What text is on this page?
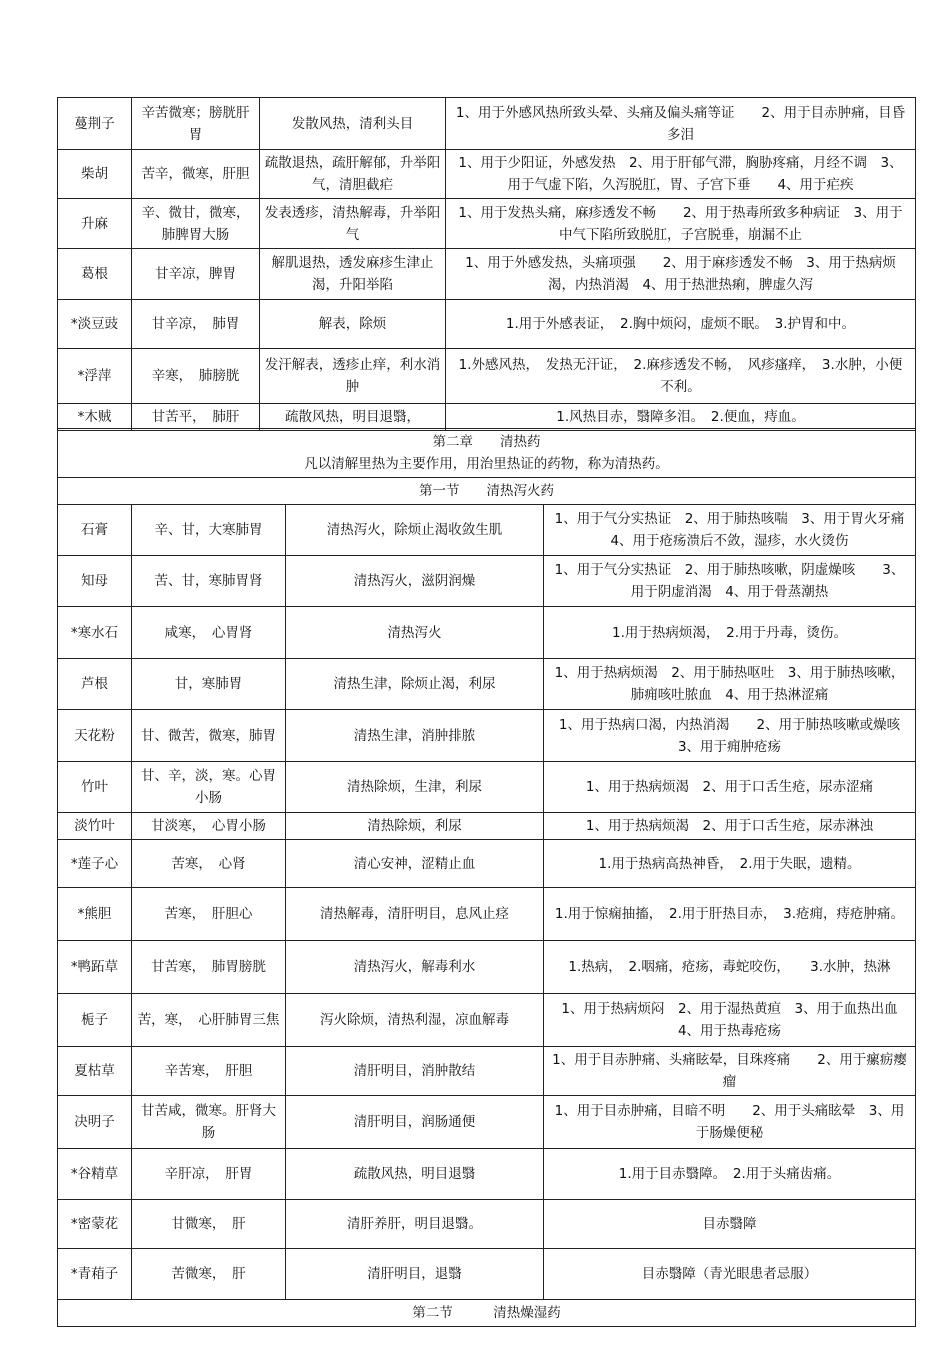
蔓荆子	辛苦微寒；膀胱肝胃	发散风热，清利头目	1、用于外感风热所致头晕、头痛及偏头痛等证　　2、用于目赤肿痛，目昏多泪
柴胡	苦辛，微寒，肝胆	疏散退热，疏肝解郁，升举阳气，清胆截疟	1、用于少阳证，外感发热　2、用于肝郁气滞，胸胁疼痛，月经不调　3、用于气虚下陷，久泻脱肛，胃、子宫下垂　　4、用于疟疾
升麻	辛、微甘，微寒，肺脾胃大肠	发表透疹，清热解毒，升举阳气	1、用于发热头痛，麻疹透发不畅　　2、用于热毒所致多种病证　3、用于中气下陷所致脱肛，子宫脱垂，崩漏不止
葛根	甘辛凉，脾胃	解肌退热，透发麻疹生津止渴，升阳举陷	1、用于外感发热，头痛项强　　2、用于麻疹透发不畅　3、用于热病烦渴，内热消渴　4、用于热泄热痢，脾虚久泻
*淡豆豉	甘辛凉，　肺胃	解表，除烦	1.用于外感表证，　2.胸中烦闷，虚烦不眠。　3.护胃和中。
*浮萍	辛寒，　肺膀胱	发汗解表，透疹止痒，利水消肿	1.外感风热，　发热无汗证，　2.麻疹透发不畅，　风疹瘙痒，　3.水肿，小便不利。
*木贼	甘苦平，　肺肝	疏散风热，明目退翳，	1.风热目赤，翳障多泪。　2.便血，痔血。
第二章　　清热药
凡以清解里热为主要作用，用治里热证的药物，称为清热药。			

第一节　　清热泻火药			
石膏	辛、甘，大寒肺胃	清热泻火，除烦止渴收敛生肌	1、用于气分实热证　2、用于肺热咳喘　3、用于胃火牙痛　4、用于疮疡溃后不敛，湿疹，水火烫伤
知母	苦、甘，寒肺胃肾	清热泻火，滋阴润燥	1、用于气分实热证　2、用于肺热咳嗽，阴虚燥咳　　3、用于阴虚消渴　4、用于骨蒸潮热
*寒水石	咸寒，　心胃肾	清热泻火	1.用于热病烦渴，　2.用于丹毒，烫伤。
芦根	甘，寒肺胃	清热生津，除烦止渴，利尿	1、用于热病烦渴　2、用于肺热呕吐　3、用于肺热咳嗽，肺痈咳吐脓血　4、用于热淋涩痛
天花粉	甘、微苦，微寒，肺胃	清热生津，消肿排脓	1、用于热病口渴，内热消渴　　2、用于肺热咳嗽或燥咳　　3、用于痈肿疮疡
竹叶	甘、辛，淡，寒。心胃小肠	清热除烦，生津，利尿	1、用于热病烦渴　2、用于口舌生疮，尿赤涩痛
淡竹叶	甘淡寒，　心胃小肠	清热除烦，利尿	1、用于热病烦渴　2、用于口舌生疮，尿赤淋浊
*莲子心	苦寒，　心肾	清心安神，涩精止血	1.用于热病高热神昏，　2.用于失眠，遗精。
*熊胆	苦寒，　肝胆心	清热解毒，清肝明目，息风止痉	1.用于惊痫抽搐，　2.用于肝热目赤，　3.疮痈，痔疮肿痛。
*鸭跖草	甘苦寒，　肺胃膀胱	清热泻火，解毒利水	1.热病，　2.咽痛，疮疡，毒蛇咬伤，　　3.水肿，热淋
栀子	苦，寒，　心肝肺胃三焦	泻火除烦，清热利湿，凉血解毒	1、用于热病烦闷　2、用于湿热黄疸　3、用于血热出血　4、用于热毒疮疡
夏枯草	辛苦寒，　肝胆	清肝明目，消肿散结	1、用于目赤肿痛、头痛眩晕，目珠疼痛　　2、用于瘰疬瘿瘤
决明子	甘苦咸，微寒。肝肾大肠	清肝明目，润肠通便	1、用于目赤肿痛，目暗不明　　2、用于头痛眩晕　3、用于肠燥便秘
*谷精草	辛肝凉，　肝胃	疏散风热，明目退翳	1.用于目赤翳障。　2.用于头痛齿痛。
*密蒙花	甘微寒，　肝	清肝养肝，明目退翳。	目赤翳障
*青葙子	苦微寒，　肝	清肝明目，退翳	目赤翳障（青光眼患者忌服）
第二节　　　清热燥湿药			
